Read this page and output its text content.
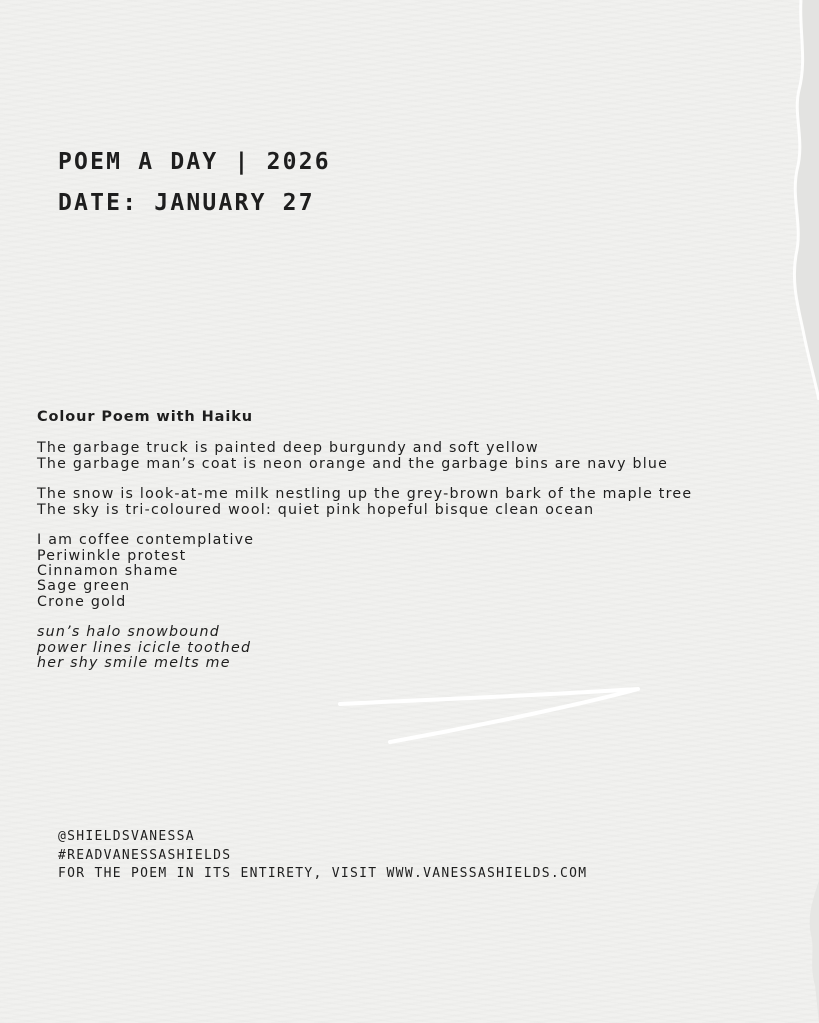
POEM A DAY | 2026
DATE: JANUARY 27
Colour Poem with Haiku
The garbage truck is painted deep burgundy and soft yellow
The garbage man’s coat is neon orange and the garbage bins are navy blue
The snow is look-at-me milk nestling up the grey-brown bark of the maple tree
The sky is tri-coloured wool: quiet pink hopeful bisque clean ocean
I am coffee contemplative
Periwinkle protest
Cinnamon shame
Sage green
Crone gold
sun’s halo snowbound
power lines icicle toothed
her shy smile melts me
@SHIELDSVANESSA
#READVANESSASHIELDS
FOR THE POEM IN ITS ENTIRETY, VISIT WWW.VANESSASHIELDS.COM
